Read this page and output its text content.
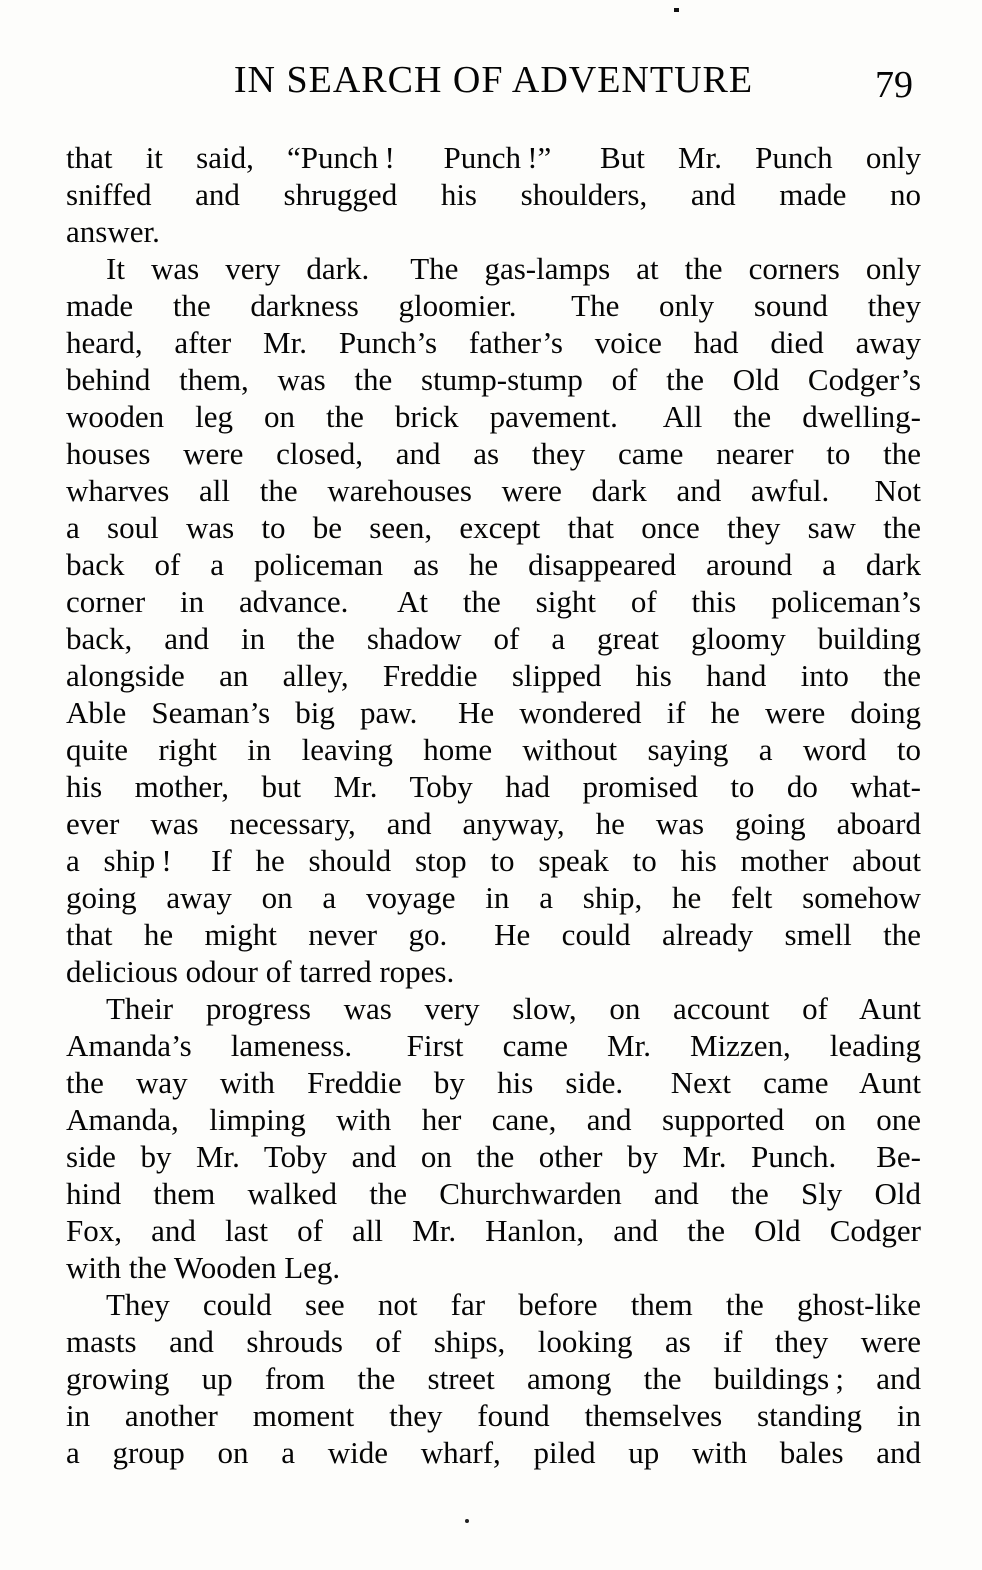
IN SEARCH OF ADVENTURE	79
that it said, “Punch !  Punch !”  But Mr. Punch only
sniffed and shrugged his shoulders, and made no
answer.
It was very dark.  The gas-lamps at the corners only
made the darkness gloomier.  The only sound they
heard, after Mr. Punch’s father’s voice had died away
behind them, was the stump-stump of the Old Codger’s
wooden leg on the brick pavement.  All the dwelling-
houses were closed, and as they came nearer to the
wharves all the warehouses were dark and awful.  Not
a soul was to be seen, except that once they saw the
back of a policeman as he disappeared around a dark
corner in advance.  At the sight of this policeman’s
back, and in the shadow of a great gloomy building
alongside an alley, Freddie slipped his hand into the
Able Seaman’s big paw.  He wondered if he were doing
quite right in leaving home without saying a word to
his mother, but Mr. Toby had promised to do what-
ever was necessary, and anyway, he was going aboard
a ship !  If he should stop to speak to his mother about
going away on a voyage in a ship, he felt somehow
that he might never go.  He could already smell the
delicious odour of tarred ropes.
Their progress was very slow, on account of Aunt
Amanda’s lameness.  First came Mr. Mizzen, leading
the way with Freddie by his side.  Next came Aunt
Amanda, limping with her cane, and supported on one
side by Mr. Toby and on the other by Mr. Punch.  Be-
hind them walked the Churchwarden and the Sly Old
Fox, and last of all Mr. Hanlon, and the Old Codger
with the Wooden Leg.
They could see not far before them the ghost-like
masts and shrouds of ships, looking as if they were
growing up from the street among the buildings ; and
in another moment they found themselves standing in
a group on a wide wharf, piled up with bales and
